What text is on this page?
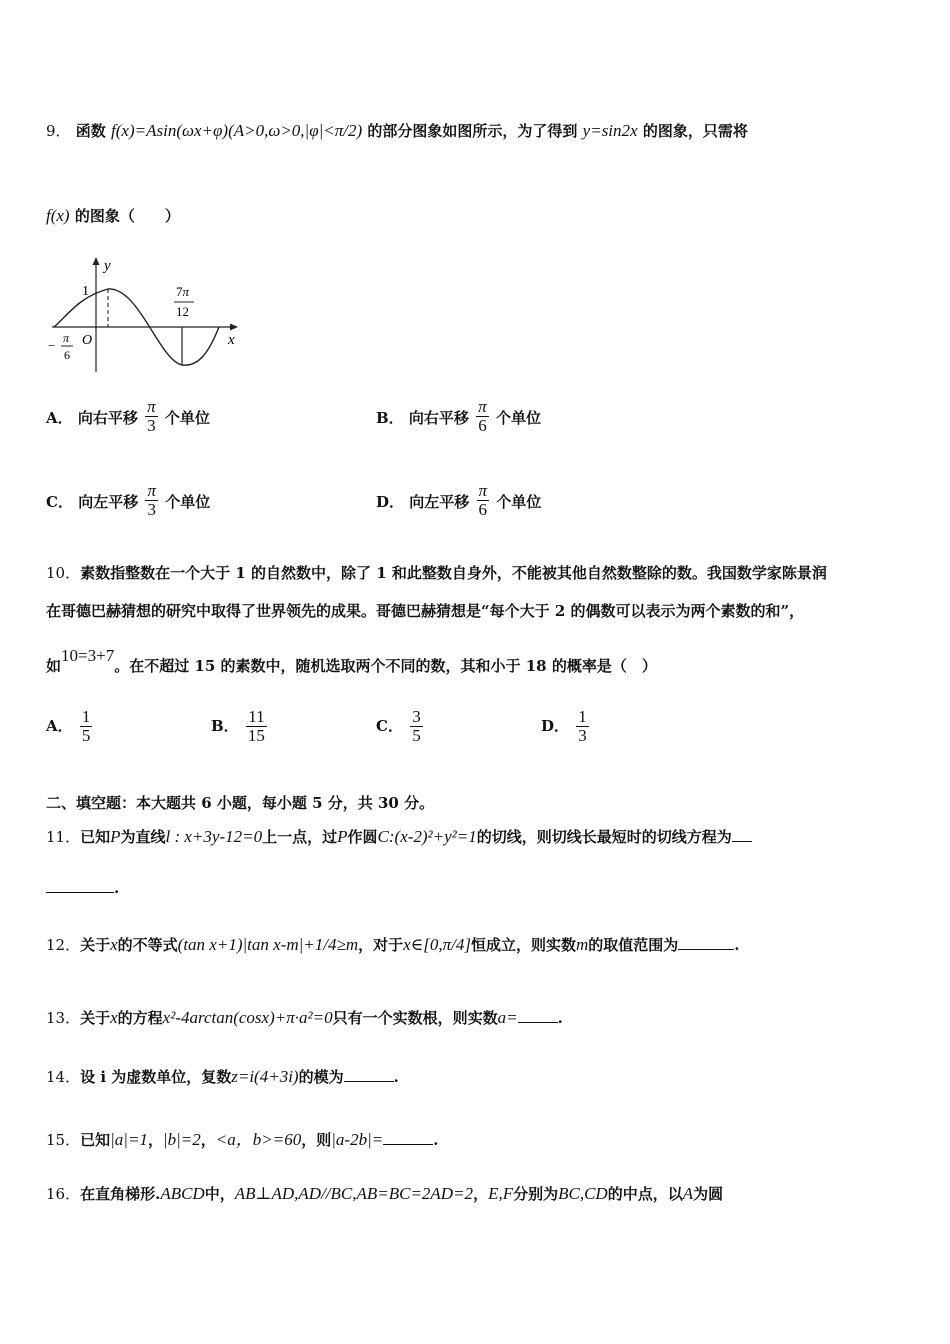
9． 函数 f(x)=Asin(ωx+φ)(A>0,ω>0,|φ|<π/2) 的部分图象如图所示，为了得到 y=sin2x 的图象，只需将
f(x) 的图象（　　）
y
x
O
1	7π
12
− π
6
A． 向右平移 $\frac{\pi}{3}$ 个单位	B． 向右平移 $\frac{\pi}{6}$ 个单位
C． 向左平移 $\frac{\pi}{3}$ 个单位	D． 向左平移 $\frac{\pi}{6}$ 个单位
10．素数指整数在一个大于 1 的自然数中，除了 1 和此整数自身外，不能被其他自然数整除的数。我国数学家陈景润
在哥德巴赫猜想的研究中取得了世界领先的成果。哥德巴赫猜想是“每个大于 2 的偶数可以表示为两个素数的和”，
如10=3+7。在不超过 15 的素数中，随机选取两个不同的数，其和小于 18 的概率是（　）
A． $\frac{1}{5}$	B． $\frac{11}{15}$	C． $\frac{3}{5}$	D． $\frac{1}{3}$
二、填空题：本大题共 6 小题，每小题 5 分，共 30 分。
11．已知P为直线l : x+3y-12=0上一点，过P作圆C:(x-2)²+y²=1的切线，则切线长最短时的切线方程为
.
12．关于x的不等式(tan x+1)|tan x-m|+1/4≥m，对于x∈[0,π/4]恒成立，则实数m的取值范围为	.
13．关于x的方程x²-4arctan(cosx)+π·a²=0只有一个实数根，则实数a=	.
14．设 i 为虚数单位，复数z=i(4+3i)的模为	.
15．已知|a|=1，|b|=2，<a，b>=60，则|a-2b|=	.
16．在直角梯形.ABCD中，AB⊥AD,AD//BC,AB=BC=2AD=2，E,F分别为BC,CD的中点，以A为圆
